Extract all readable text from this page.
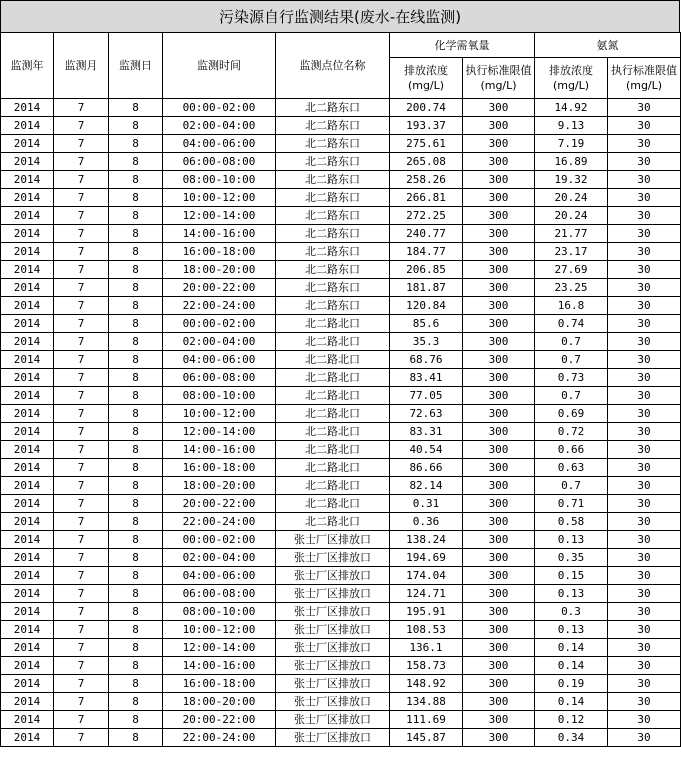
污染源自行监测结果(废水-在线监测)
监测年	监测月	监测日	监测时间	监测点位名称	化学需氧量		氨氮	
					排放浓度(mg/L)	执行标准限值(mg/L)	排放浓度(mg/L)	执行标准限值(mg/L)
2014	7	8	00:00-02:00	北二路东口	200.74	300	14.92	30
2014	7	8	02:00-04:00	北二路东口	193.37	300	9.13	30
2014	7	8	04:00-06:00	北二路东口	275.61	300	7.19	30
2014	7	8	06:00-08:00	北二路东口	265.08	300	16.89	30
2014	7	8	08:00-10:00	北二路东口	258.26	300	19.32	30
2014	7	8	10:00-12:00	北二路东口	266.81	300	20.24	30
2014	7	8	12:00-14:00	北二路东口	272.25	300	20.24	30
2014	7	8	14:00-16:00	北二路东口	240.77	300	21.77	30
2014	7	8	16:00-18:00	北二路东口	184.77	300	23.17	30
2014	7	8	18:00-20:00	北二路东口	206.85	300	27.69	30
2014	7	8	20:00-22:00	北二路东口	181.87	300	23.25	30
2014	7	8	22:00-24:00	北二路东口	120.84	300	16.8	30
2014	7	8	00:00-02:00	北二路北口	85.6	300	0.74	30
2014	7	8	02:00-04:00	北二路北口	35.3	300	0.7	30
2014	7	8	04:00-06:00	北二路北口	68.76	300	0.7	30
2014	7	8	06:00-08:00	北二路北口	83.41	300	0.73	30
2014	7	8	08:00-10:00	北二路北口	77.05	300	0.7	30
2014	7	8	10:00-12:00	北二路北口	72.63	300	0.69	30
2014	7	8	12:00-14:00	北二路北口	83.31	300	0.72	30
2014	7	8	14:00-16:00	北二路北口	40.54	300	0.66	30
2014	7	8	16:00-18:00	北二路北口	86.66	300	0.63	30
2014	7	8	18:00-20:00	北二路北口	82.14	300	0.7	30
2014	7	8	20:00-22:00	北二路北口	0.31	300	0.71	30
2014	7	8	22:00-24:00	北二路北口	0.36	300	0.58	30
2014	7	8	00:00-02:00	张士厂区排放口	138.24	300	0.13	30
2014	7	8	02:00-04:00	张士厂区排放口	194.69	300	0.35	30
2014	7	8	04:00-06:00	张士厂区排放口	174.04	300	0.15	30
2014	7	8	06:00-08:00	张士厂区排放口	124.71	300	0.13	30
2014	7	8	08:00-10:00	张士厂区排放口	195.91	300	0.3	30
2014	7	8	10:00-12:00	张士厂区排放口	108.53	300	0.13	30
2014	7	8	12:00-14:00	张士厂区排放口	136.1	300	0.14	30
2014	7	8	14:00-16:00	张士厂区排放口	158.73	300	0.14	30
2014	7	8	16:00-18:00	张士厂区排放口	148.92	300	0.19	30
2014	7	8	18:00-20:00	张士厂区排放口	134.88	300	0.14	30
2014	7	8	20:00-22:00	张士厂区排放口	111.69	300	0.12	30
2014	7	8	22:00-24:00	张士厂区排放口	145.87	300	0.34	30
